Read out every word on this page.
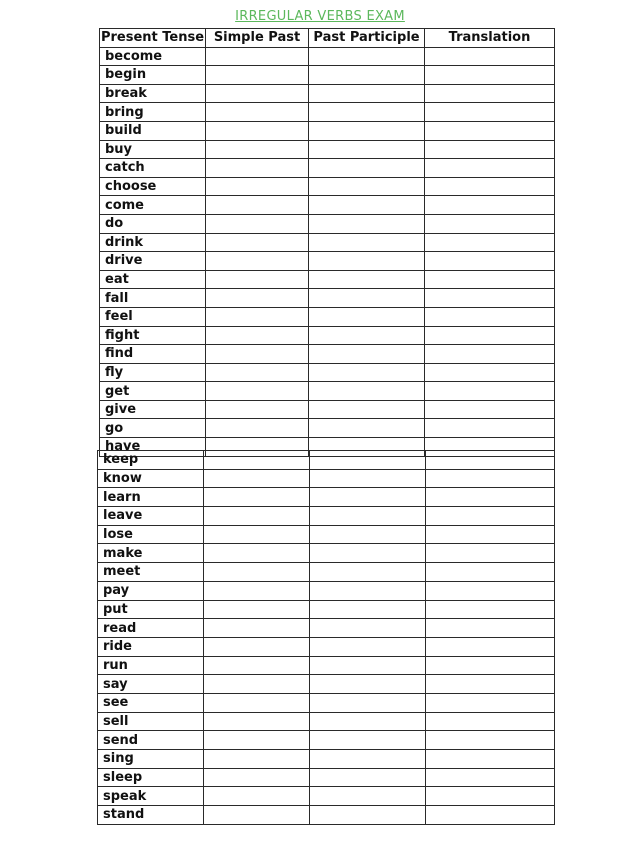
IRREGULAR VERBS EXAM
Present Tense	Simple Past	Past Participle	Translation
become			
begin			
break			
bring			
build			
buy			
catch			
choose			
come			
do			
drink			
drive			
eat			
fall			
feel			
fight			
find			
fly			
get			
give			
go			
have			
keep			
know			
learn			
leave			
lose			
make			
meet			
pay			
put			
read			
ride			
run			
say			
see			
sell			
send			
sing			
sleep			
speak			
stand			
